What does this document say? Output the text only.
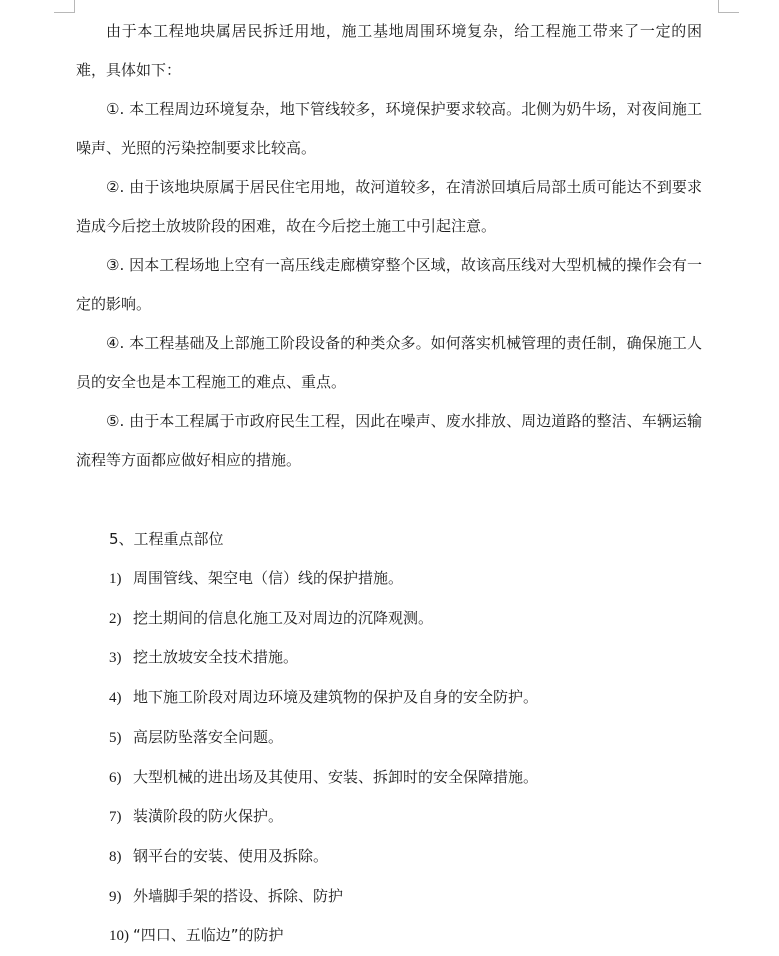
由于本工程地块属居民拆迁用地，施工基地周围环境复杂，给工程施工带来了一定的困难，具体如下：

①. 本工程周边环境复杂，地下管线较多，环境保护要求较高。北侧为奶牛场，对夜间施工噪声、光照的污染控制要求比较高。

②. 由于该地块原属于居民住宅用地，故河道较多，在清淤回填后局部土质可能达不到要求造成今后挖土放坡阶段的困难，故在今后挖土施工中引起注意。

③. 因本工程场地上空有一高压线走廊横穿整个区域，故该高压线对大型机械的操作会有一定的影响。

④. 本工程基础及上部施工阶段设备的种类众多。如何落实机械管理的责任制，确保施工人员的安全也是本工程施工的难点、重点。

⑤. 由于本工程属于市政府民生工程，因此在噪声、废水排放、周边道路的整洁、车辆运输流程等方面都应做好相应的措施。

5、工程重点部位

1) 周围管线、架空电（信）线的保护措施。

2) 挖土期间的信息化施工及对周边的沉降观测。

3) 挖土放坡安全技术措施。

4) 地下施工阶段对周边环境及建筑物的保护及自身的安全防护。

5) 高层防坠落安全问题。

6) 大型机械的进出场及其使用、安装、拆卸时的安全保障措施。

7) 装潢阶段的防火保护。

8) 钢平台的安装、使用及拆除。

9) 外墙脚手架的搭设、拆除、防护

10) “四口、五临边”的防护
